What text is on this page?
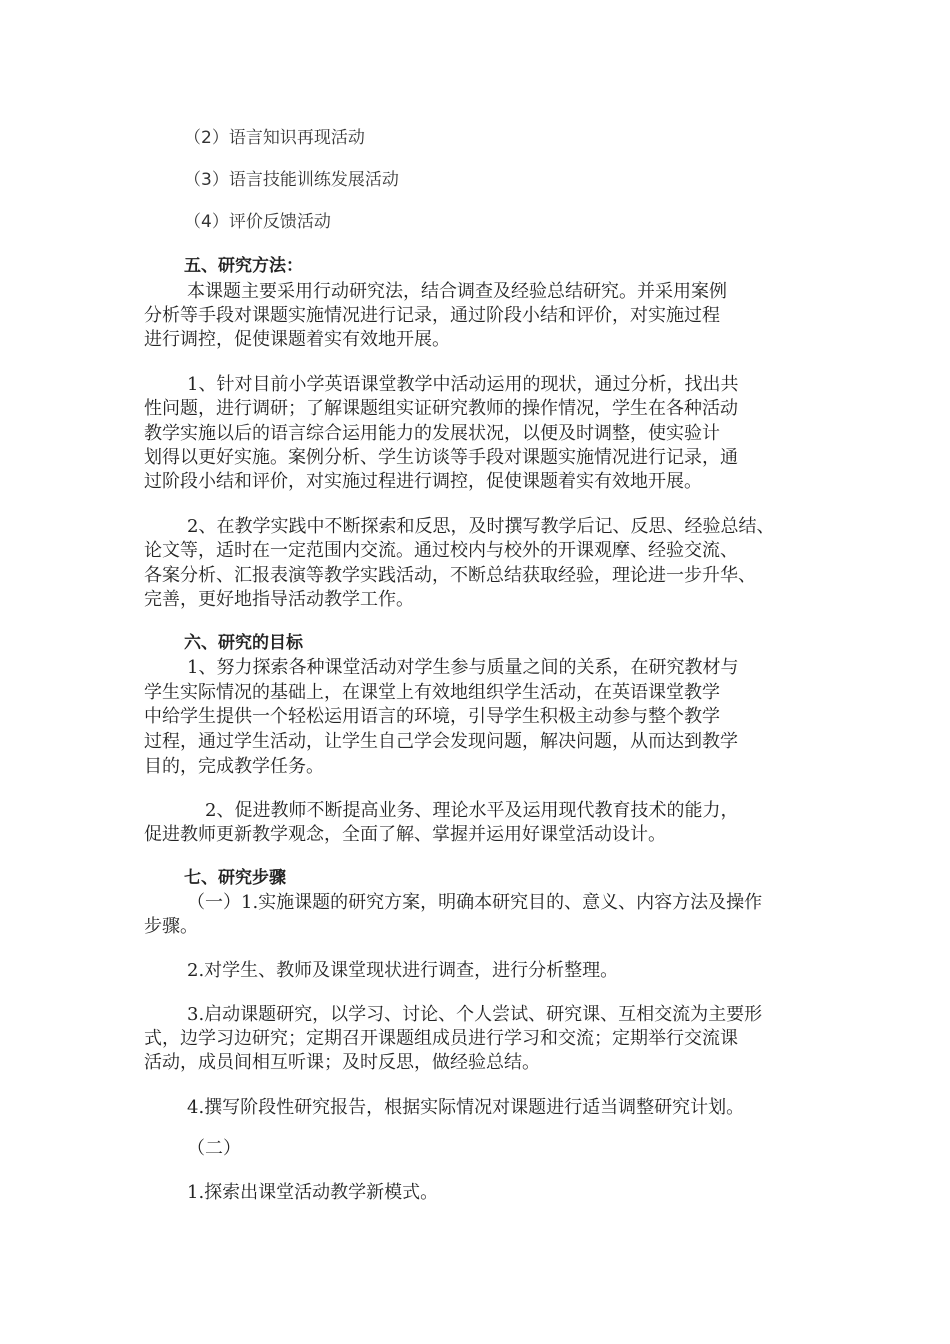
（2）语言知识再现活动
（3）语言技能训练发展活动
（4）评价反馈活动
五、研究方法：
本课题主要采用行动研究法，结合调查及经验总结研究。并采用案例
分析等手段对课题实施情况进行记录，通过阶段小结和评价，对实施过程
进行调控，促使课题着实有效地开展。
1、针对目前小学英语课堂教学中活动运用的现状，通过分析，找出共
性问题，进行调研；了解课题组实证研究教师的操作情况，学生在各种活动
教学实施以后的语言综合运用能力的发展状况，以便及时调整，使实验计
划得以更好实施。案例分析、学生访谈等手段对课题实施情况进行记录，通
过阶段小结和评价，对实施过程进行调控，促使课题着实有效地开展。
2、在教学实践中不断探索和反思，及时撰写教学后记、反思、经验总结、
论文等，适时在一定范围内交流。通过校内与校外的开课观摩、经验交流、
各案分析、汇报表演等教学实践活动，不断总结获取经验，理论进一步升华、
完善，更好地指导活动教学工作。
六、研究的目标
1、努力探索各种课堂活动对学生参与质量之间的关系，在研究教材与
学生实际情况的基础上，在课堂上有效地组织学生活动，在英语课堂教学
中给学生提供一个轻松运用语言的环境，引导学生积极主动参与整个教学
过程，通过学生活动，让学生自己学会发现问题，解决问题，从而达到教学
目的，完成教学任务。
2、促进教师不断提高业务、理论水平及运用现代教育技术的能力，
促进教师更新教学观念，全面了解、掌握并运用好课堂活动设计。
七、研究步骤
（一）1.实施课题的研究方案，明确本研究目的、意义、内容方法及操作
步骤。
2.对学生、教师及课堂现状进行调查，进行分析整理。
3.启动课题研究，以学习、讨论、个人尝试、研究课、互相交流为主要形
式，边学习边研究；定期召开课题组成员进行学习和交流；定期举行交流课
活动，成员间相互听课；及时反思，做经验总结。
4.撰写阶段性研究报告，根据实际情况对课题进行适当调整研究计划。
（二）
1.探索出课堂活动教学新模式。
